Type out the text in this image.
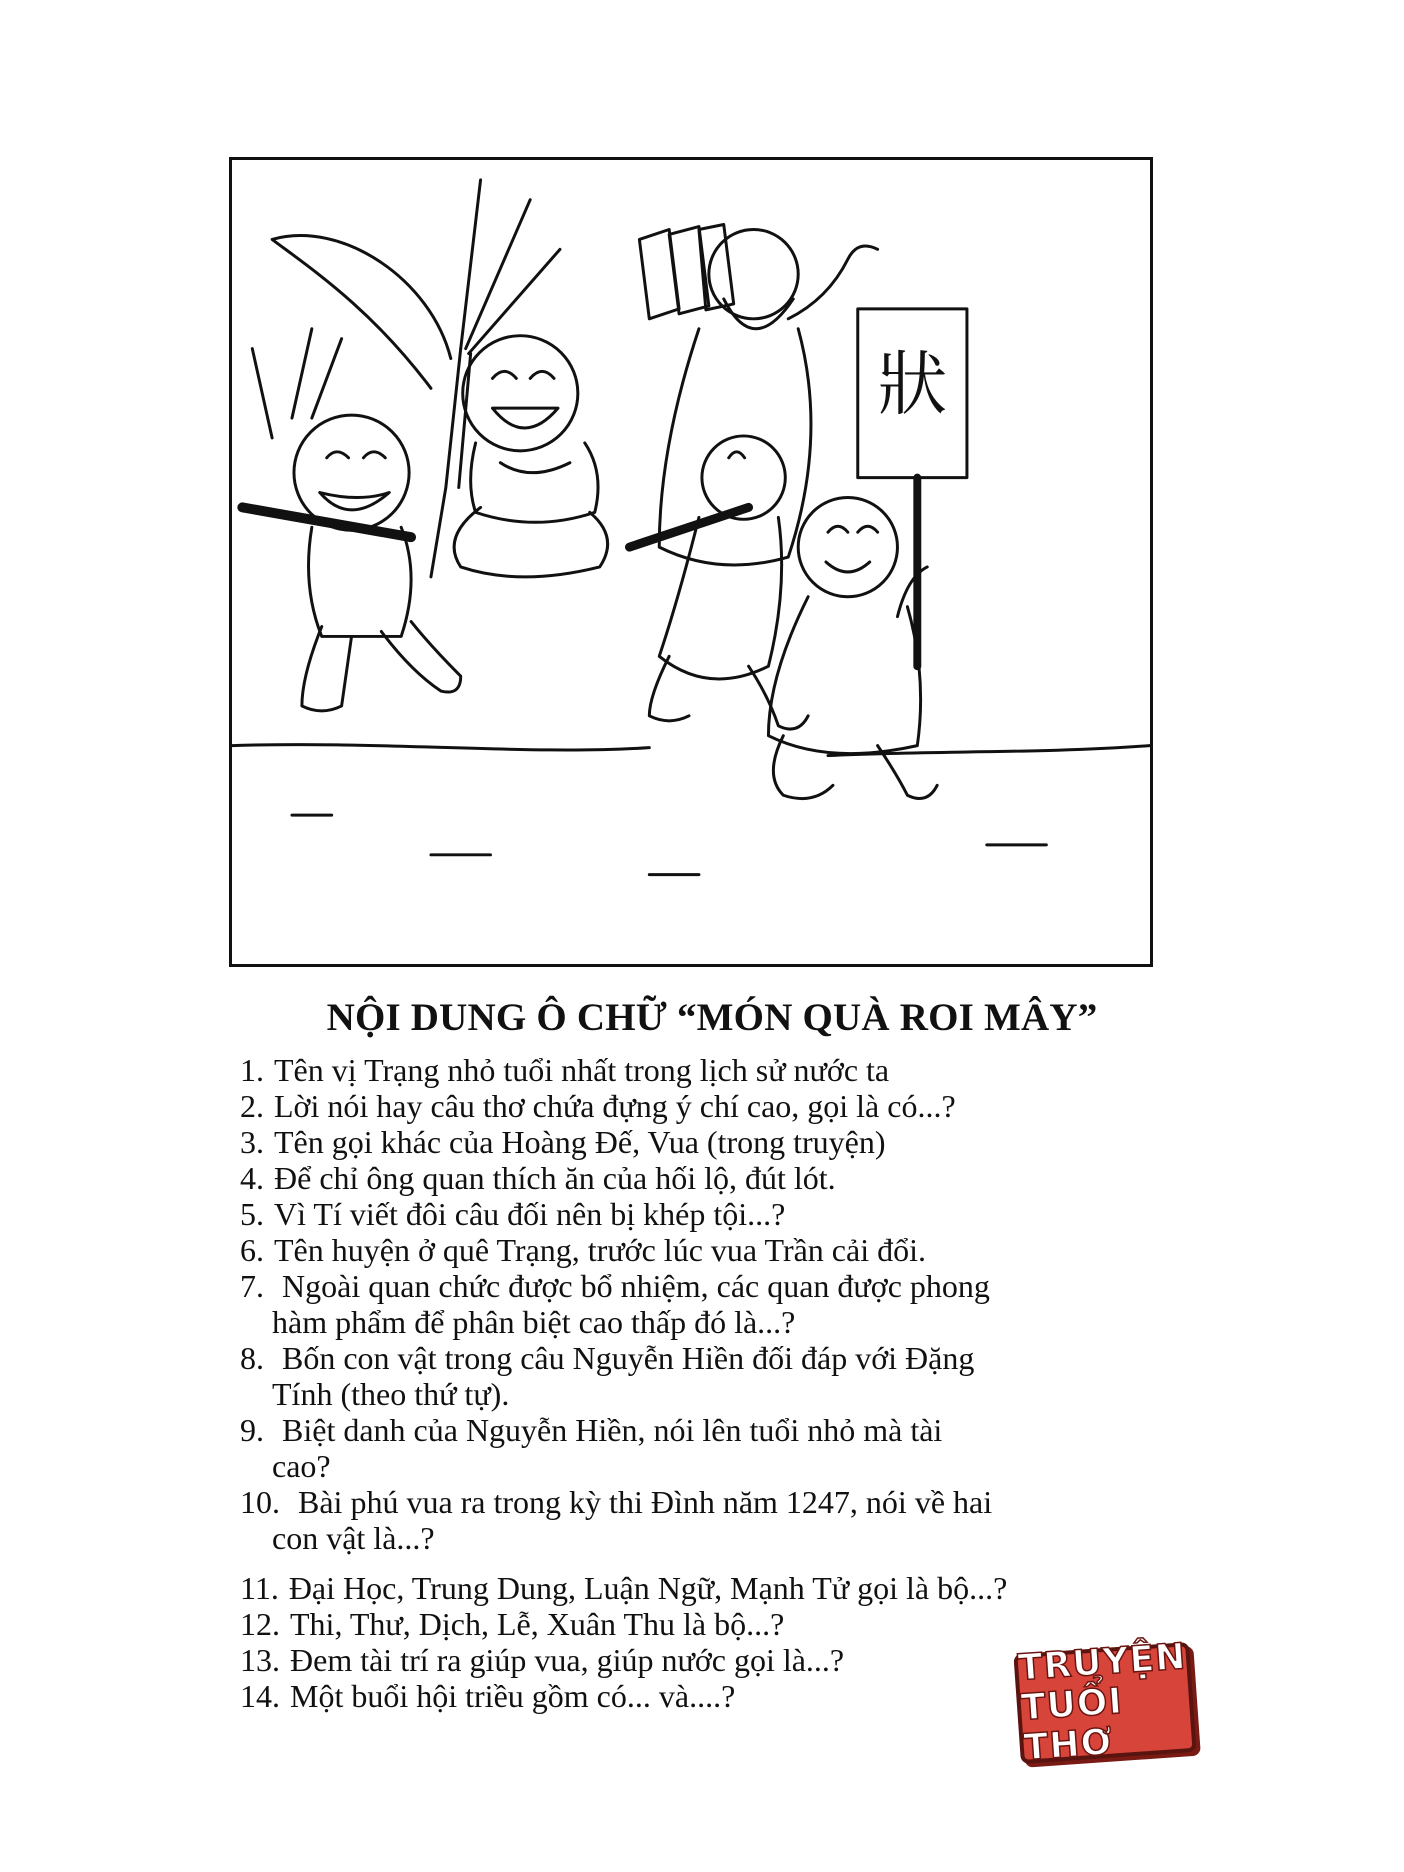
狀
NỘI DUNG Ô CHỮ “MÓN QUÀ ROI MÂY”
1. Tên vị Trạng nhỏ tuổi nhất trong lịch sử nước ta
2. Lời nói hay câu thơ chứa đựng ý chí cao, gọi là có...?
3. Tên gọi khác của Hoàng Đế, Vua (trong truyện)
4. Để chỉ ông quan thích ăn của hối lộ, đút lót.
5. Vì Tí viết đôi câu đối nên bị khép tội...?
6. Tên huyện ở quê Trạng, trước lúc vua Trần cải đổi.
7. Ngoài quan chức được bổ nhiệm, các quan được phong
hàm phẩm để phân biệt cao thấp đó là...?
8. Bốn con vật trong câu Nguyễn Hiền đối đáp với Đặng
Tính (theo thứ tự).
9. Biệt danh của Nguyễn Hiền, nói lên tuổi nhỏ mà tài
cao?
10. Bài phú vua ra trong kỳ thi Đình năm 1247, nói về hai
con vật là...?
11. Đại Học, Trung Dung, Luận Ngữ, Mạnh Tử gọi là bộ...?
12. Thi, Thư, Dịch, Lễ, Xuân Thu là bộ...?
13. Đem tài trí ra giúp vua, giúp nước gọi là...?
14. Một buổi hội triều gồm có... và....?
TRUYỆN
TUỔI THƠ
